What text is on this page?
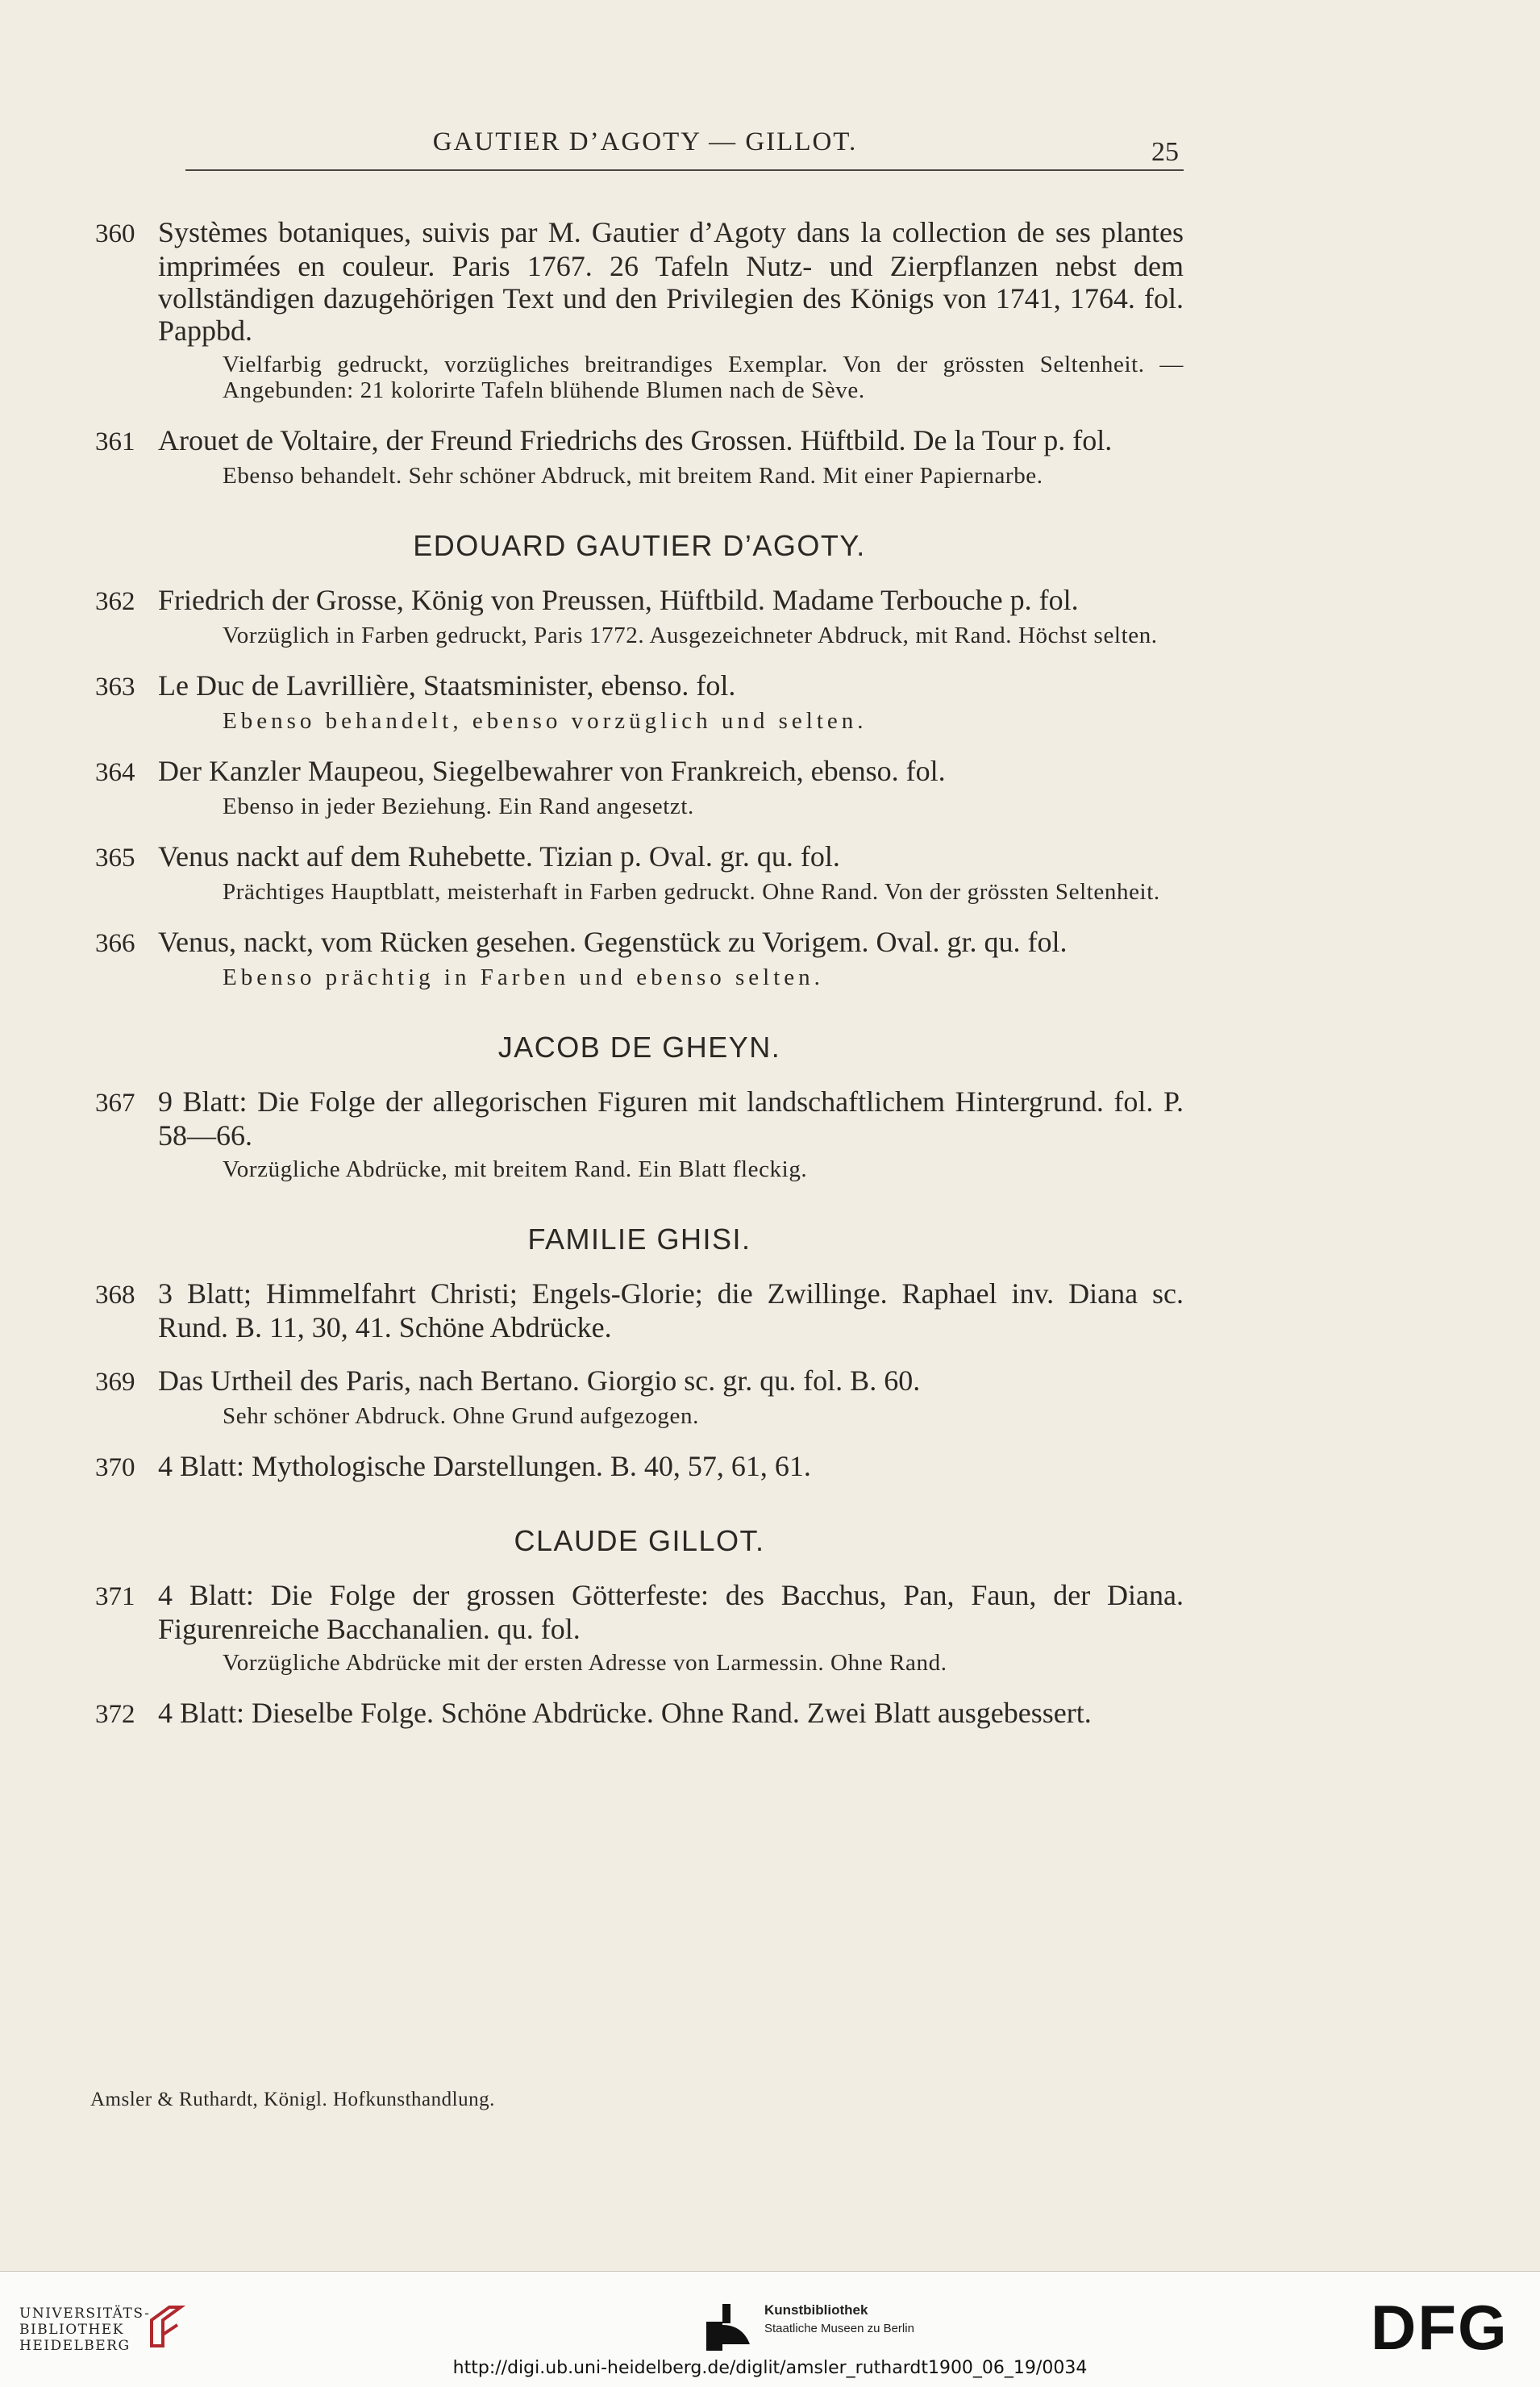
GAUTIER D’AGOTY — GILLOT.	25
360 Systèmes botaniques, suivis par M. Gautier d’Agoty dans la collection de ses plantes imprimées en couleur. Paris 1767. 26 Tafeln Nutz- und Zierpflanzen nebst dem vollständigen dazugehörigen Text und den Privilegien des Königs von 1741, 1764. fol. Pappbd.
Vielfarbig gedruckt, vorzügliches breitrandiges Exemplar. Von der grössten Seltenheit. — Angebunden: 21 kolorirte Tafeln blühende Blumen nach de Sève.
361 Arouet de Voltaire, der Freund Friedrichs des Grossen. Hüftbild. De la Tour p. fol.
Ebenso behandelt. Sehr schöner Abdruck, mit breitem Rand. Mit einer Papiernarbe.
EDOUARD GAUTIER D’AGOTY.
362 Friedrich der Grosse, König von Preussen, Hüftbild. Madame Terbouche p. fol.
Vorzüglich in Farben gedruckt, Paris 1772. Ausgezeichneter Abdruck, mit Rand. Höchst selten.
363 Le Duc de Lavrillière, Staatsminister, ebenso. fol.
Ebenso behandelt, ebenso vorzüglich und selten.
364 Der Kanzler Maupeou, Siegelbewahrer von Frankreich, ebenso. fol.
Ebenso in jeder Beziehung. Ein Rand angesetzt.
365 Venus nackt auf dem Ruhebette. Tizian p. Oval. gr. qu. fol.
Prächtiges Hauptblatt, meisterhaft in Farben gedruckt. Ohne Rand. Von der grössten Seltenheit.
366 Venus, nackt, vom Rücken gesehen. Gegenstück zu Vorigem. Oval. gr. qu. fol.
Ebenso prächtig in Farben und ebenso selten.
JACOB DE GHEYN.
367 9 Blatt: Die Folge der allegorischen Figuren mit landschaftlichem Hintergrund. fol. P. 58—66.
Vorzügliche Abdrücke, mit breitem Rand. Ein Blatt fleckig.
FAMILIE GHISI.
368 3 Blatt; Himmelfahrt Christi; Engels-Glorie; die Zwillinge. Raphael inv. Diana sc. Rund. B. 11, 30, 41. Schöne Abdrücke.
369 Das Urtheil des Paris, nach Bertano. Giorgio sc. gr. qu. fol. B. 60.
Sehr schöner Abdruck. Ohne Grund aufgezogen.
370 4 Blatt: Mythologische Darstellungen. B. 40, 57, 61, 61.
CLAUDE GILLOT.
371 4 Blatt: Die Folge der grossen Götterfeste: des Bacchus, Pan, Faun, der Diana. Figurenreiche Bacchanalien. qu. fol.
Vorzügliche Abdrücke mit der ersten Adresse von Larmessin. Ohne Rand.
372 4 Blatt: Dieselbe Folge. Schöne Abdrücke. Ohne Rand. Zwei Blatt ausgebessert.
Amsler & Ruthardt, Königl. Hofkunsthandlung.
UNIVERSITÄTS-
BIBLIOTHEK
HEIDELBERG
Kunstbibliothek
Staatliche Museen zu Berlin	DFG
http://digi.ub.uni-heidelberg.de/diglit/amsler_ruthardt1900_06_19/0034
